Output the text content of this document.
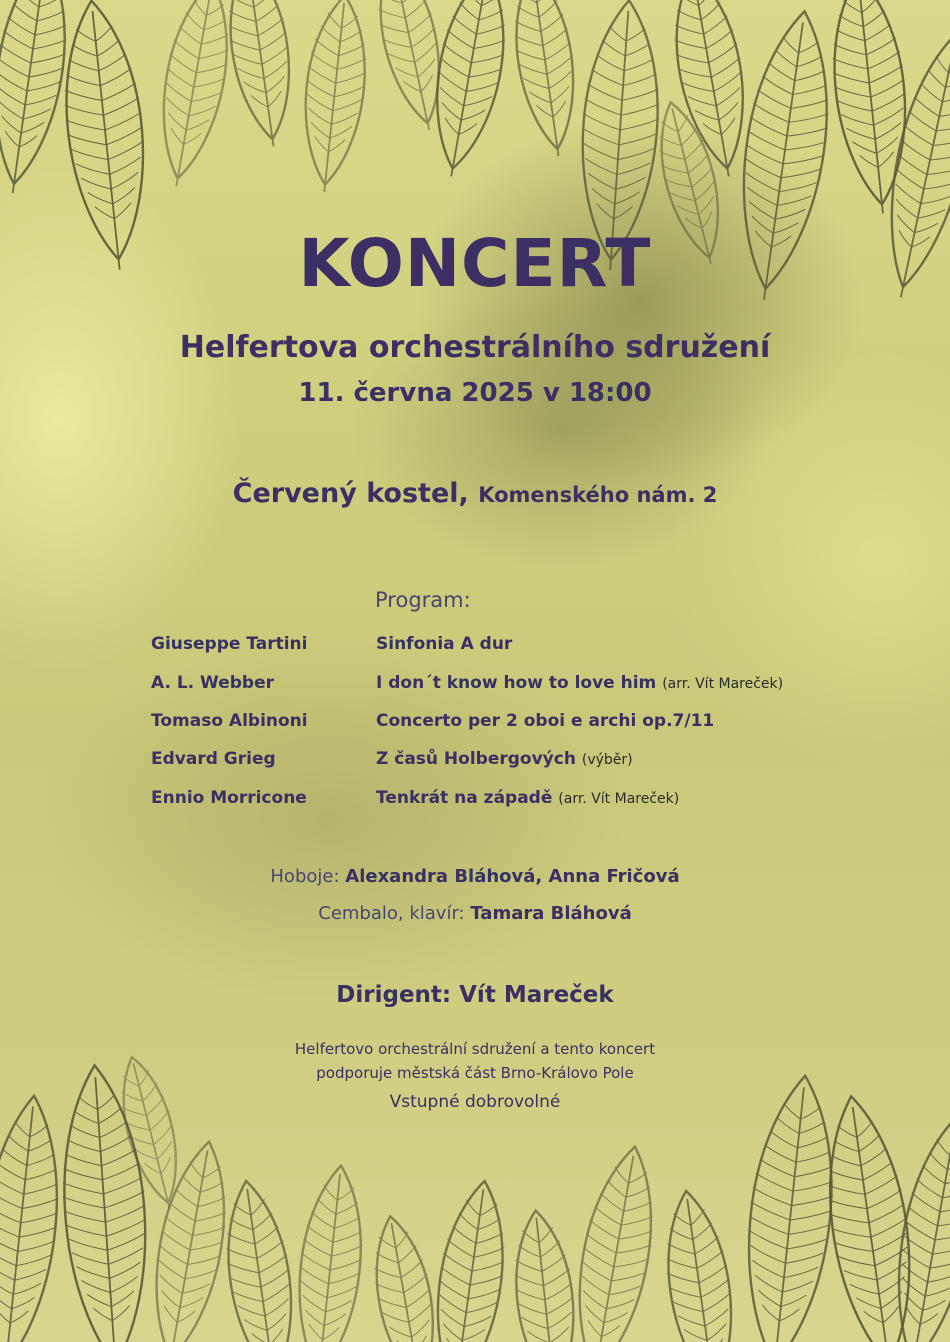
KONCERT
Helfertova orchestrálního sdružení
11. června 2025 v 18:00
Červený kostel, Komenského nám. 2
Program:
Giuseppe Tartini	Sinfonia A dur
A. L. Webber	I don´t know how to love him (arr. Vít Mareček)
Tomaso Albinoni	Concerto per 2 oboi e archi op.7/11
Edvard Grieg	Z časů Holbergových (výběr)
Ennio Morricone	Tenkrát na západě (arr. Vít Mareček)
Hoboje: Alexandra Bláhová, Anna Fričová
Cembalo, klavír: Tamara Bláhová
Dirigent: Vít Mareček
Helfertovo orchestrální sdružení a tento koncert
podporuje městská část Brno-Královo Pole
Vstupné dobrovolné
